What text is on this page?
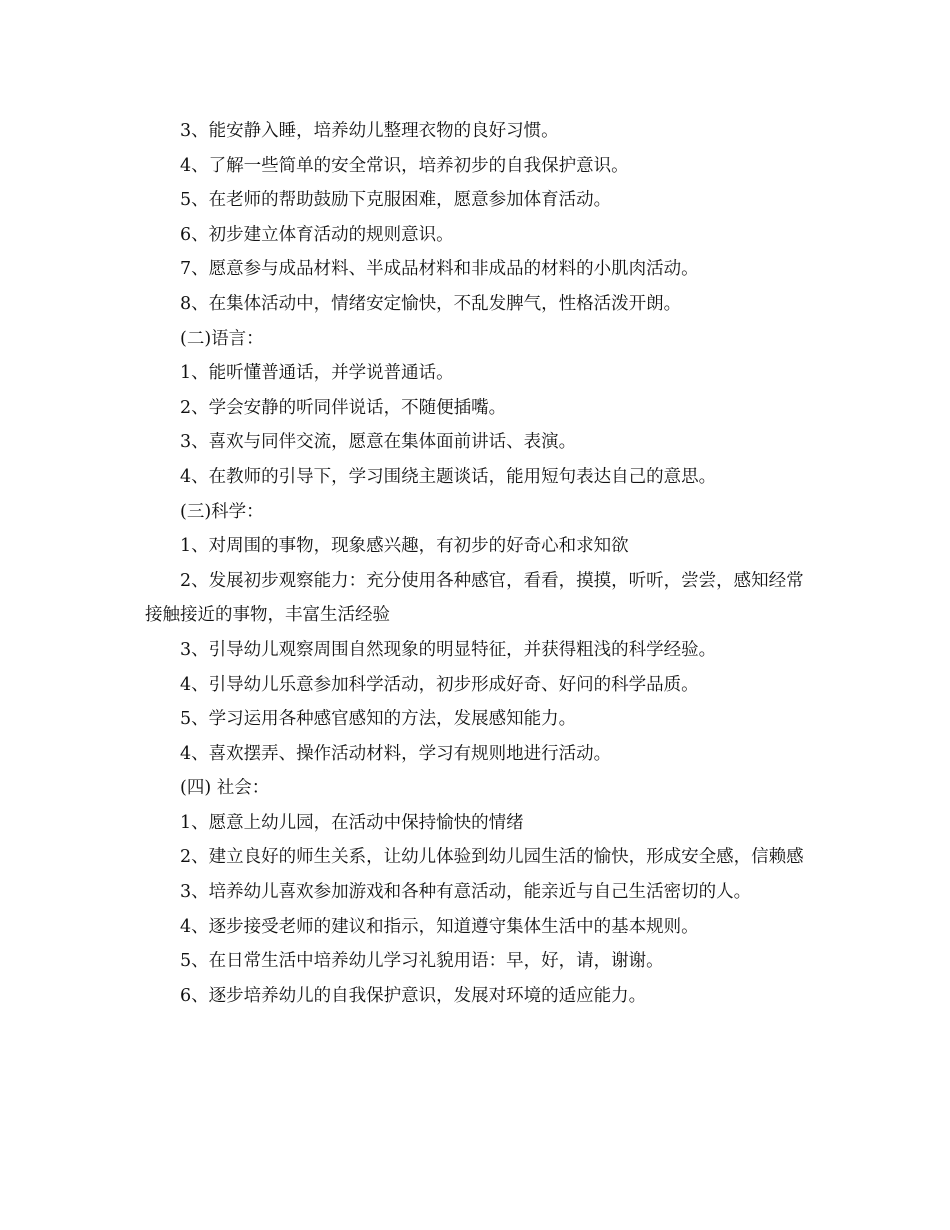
3、能安静入睡，培养幼儿整理衣物的良好习惯。

4、了解一些简单的安全常识，培养初步的自我保护意识。

5、在老师的帮助鼓励下克服困难，愿意参加体育活动。

6、初步建立体育活动的规则意识。

7、愿意参与成品材料、半成品材料和非成品的材料的小肌肉活动。

8、在集体活动中，情绪安定愉快，不乱发脾气，性格活泼开朗。

(二)语言：

1、能听懂普通话，并学说普通话。

2、学会安静的听同伴说话，不随便插嘴。

3、喜欢与同伴交流，愿意在集体面前讲话、表演。

4、在教师的引导下，学习围绕主题谈话，能用短句表达自己的意思。

(三)科学：

1、对周围的事物，现象感兴趣，有初步的好奇心和求知欲

2、发展初步观察能力：充分使用各种感官，看看，摸摸，听听，尝尝，感知经常接触接近的事物，丰富生活经验

3、引导幼儿观察周围自然现象的明显特征，并获得粗浅的科学经验。

4、引导幼儿乐意参加科学活动，初步形成好奇、好问的科学品质。

5、学习运用各种感官感知的方法，发展感知能力。

4、喜欢摆弄、操作活动材料，学习有规则地进行活动。

(四) 社会：

1、愿意上幼儿园，在活动中保持愉快的情绪

2、建立良好的师生关系，让幼儿体验到幼儿园生活的愉快，形成安全感，信赖感

3、培养幼儿喜欢参加游戏和各种有意活动，能亲近与自己生活密切的人。

4、逐步接受老师的建议和指示，知道遵守集体生活中的基本规则。

5、在日常生活中培养幼儿学习礼貌用语：早，好，请，谢谢。

6、逐步培养幼儿的自我保护意识，发展对环境的适应能力。
